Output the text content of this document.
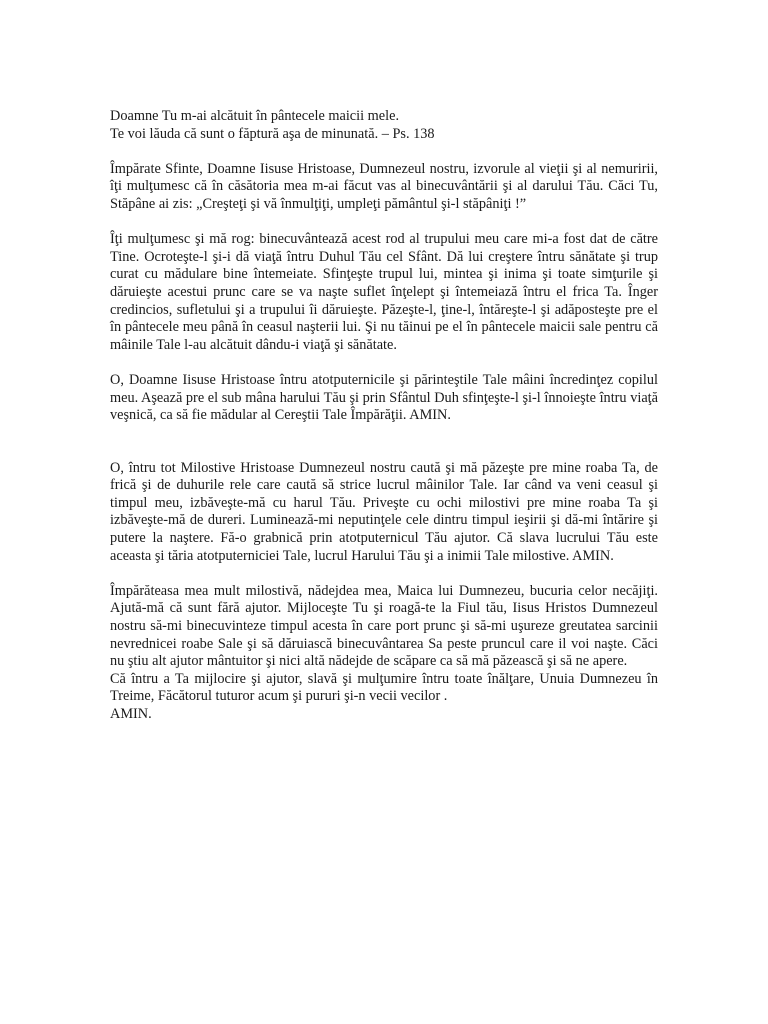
Doamne Tu m-ai alcătuit în pântecele maicii mele.
Te voi lăuda că sunt o făptură aşa de minunată. – Ps. 138

Împărate Sfinte, Doamne Iisuse Hristoase, Dumnezeul nostru, izvorule al vieţii şi al nemuririi, îţi mulţumesc că în căsătoria mea m-ai făcut vas al binecuvântării şi al darului Tău. Căci Tu, Stăpâne ai zis: „Creşteţi şi vă înmulţiţi, umpleţi pământul şi-l stăpâniţi !”

Îţi mulţumesc şi mă rog: binecuvântează acest rod al trupului meu care mi-a fost dat de către Tine. Ocroteşte-l şi-i dă viaţă întru Duhul Tău cel Sfânt. Dă lui creştere întru sănătate şi trup curat cu mădulare bine întemeiate. Sfinţeşte trupul lui, mintea şi inima şi toate simţurile şi dăruieşte acestui prunc care se va naşte suflet înţelept şi întemeiază întru el frica Ta. Înger credincios, sufletului şi a trupului îi dăruieşte. Păzeşte-l, ţine-l, întăreşte-l şi adăposteşte pre el în pântecele meu până în ceasul naşterii lui. Şi nu tăinui pe el în pântecele maicii sale pentru că mâinile Tale l-au alcătuit dându-i viaţă şi sănătate.

O, Doamne Iisuse Hristoase întru atotputernicile şi părinteştile Tale mâini încredinţez copilul meu. Aşează pre el sub mâna harului Tău şi prin Sfântul Duh sfinţeşte-l şi-l înnoieşte întru viaţă veşnică, ca să fie mădular al Cereştii Tale Împărăţii. AMIN.

O, întru tot Milostive Hristoase Dumnezeul nostru caută şi mă păzeşte pre mine roaba Ta, de frică şi de duhurile rele care caută să strice lucrul mâinilor Tale. Iar când va veni ceasul şi timpul meu, izbăveşte-mă cu harul Tău. Priveşte cu ochi milostivi pre mine roaba Ta şi izbăveşte-mă de dureri. Luminează-mi neputinţele cele dintru timpul ieşirii şi dă-mi întărire şi putere la naştere. Fă-o grabnică prin atotputernicul Tău ajutor. Că slava lucrului Tău este aceasta şi tăria atotputerniciei Tale, lucrul Harului Tău şi a inimii Tale milostive. AMIN.

Împărăteasa mea mult milostivă, nădejdea mea, Maica lui Dumnezeu, bucuria celor necăjiţi. Ajută-mă că sunt fără ajutor. Mijloceşte Tu şi roagă-te la Fiul tău, Iisus Hristos Dumnezeul nostru să-mi binecuvinteze timpul acesta în care port prunc şi să-mi uşureze greutatea sarcinii nevrednicei roabe Sale şi să dăruiască binecuvântarea Sa peste pruncul care il voi naşte. Căci nu ştiu alt ajutor mântuitor şi nici altă nădejde de scăpare ca să mă păzească şi să ne apere.

Că întru a Ta mijlocire şi ajutor, slavă şi mulţumire întru toate înălţare, Unuia Dumnezeu în Treime, Făcătorul tuturor acum şi pururi şi-n vecii vecilor .

AMIN.
